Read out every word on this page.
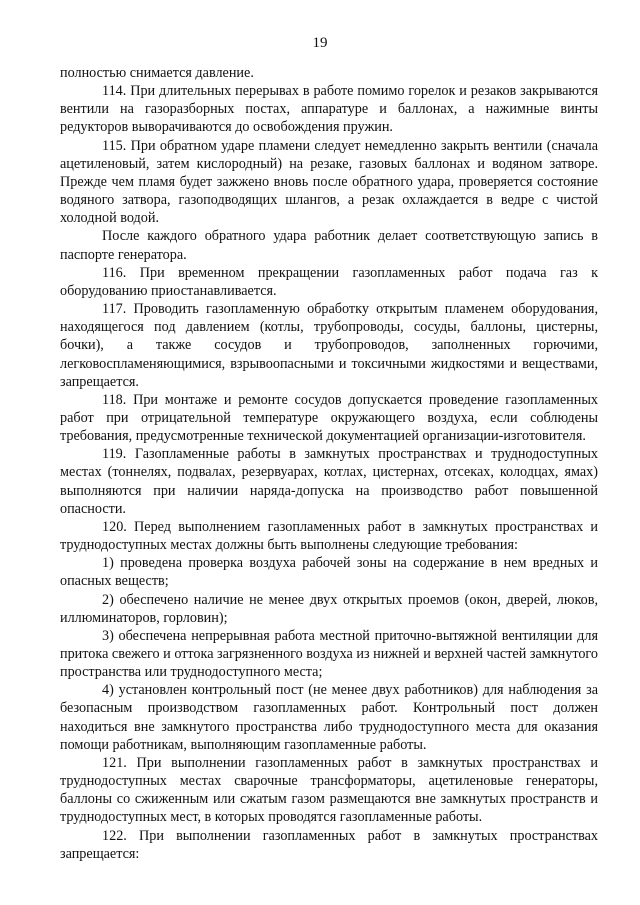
19

полностью снимается давление.

114. При длительных перерывах в работе помимо горелок и резаков закрываются вентили на газоразборных постах, аппаратуре и баллонах, а нажимные винты редукторов выворачиваются до освобождения пружин.

115. При обратном ударе пламени следует немедленно закрыть вентили (сначала ацетиленовый, затем кислородный) на резаке, газовых баллонах и водяном затворе. Прежде чем пламя будет зажжено вновь после обратного удара, проверяется состояние водяного затвора, газоподводящих шлангов, а резак охлаждается в ведре с чистой холодной водой.

После каждого обратного удара работник делает соответствующую запись в паспорте генератора.

116. При временном прекращении газопламенных работ подача газ к оборудованию приостанавливается.

117. Проводить газопламенную обработку открытым пламенем оборудования, находящегося под давлением (котлы, трубопроводы, сосуды, баллоны, цистерны, бочки), а также сосудов и трубопроводов, заполненных горючими, легковоспламеняющимися, взрывоопасными и токсичными жидкостями и веществами, запрещается.

118. При монтаже и ремонте сосудов допускается проведение газопламенных работ при отрицательной температуре окружающего воздуха, если соблюдены требования, предусмотренные технической документацией организации-изготовителя.

119. Газопламенные работы в замкнутых пространствах и труднодоступных местах (тоннелях, подвалах, резервуарах, котлах, цистернах, отсеках, колодцах, ямах) выполняются при наличии наряда-допуска на производство работ повышенной опасности.

120. Перед выполнением газопламенных работ в замкнутых пространствах и труднодоступных местах должны быть выполнены следующие требования:

1) проведена проверка воздуха рабочей зоны на содержание в нем вредных и опасных веществ;

2) обеспечено наличие не менее двух открытых проемов (окон, дверей, люков, иллюминаторов, горловин);

3) обеспечена непрерывная работа местной приточно-вытяжной вентиляции для притока свежего и оттока загрязненного воздуха из нижней и верхней частей замкнутого пространства или труднодоступного места;

4) установлен контрольный пост (не менее двух работников) для наблюдения за безопасным производством газопламенных работ. Контрольный пост должен находиться вне замкнутого пространства либо труднодоступного места для оказания помощи работникам, выполняющим газопламенные работы.

121. При выполнении газопламенных работ в замкнутых пространствах и труднодоступных местах сварочные трансформаторы, ацетиленовые генераторы, баллоны со сжиженным или сжатым газом размещаются вне замкнутых пространств и труднодоступных мест, в которых проводятся газопламенные работы.

122. При выполнении газопламенных работ в замкнутых пространствах запрещается:
